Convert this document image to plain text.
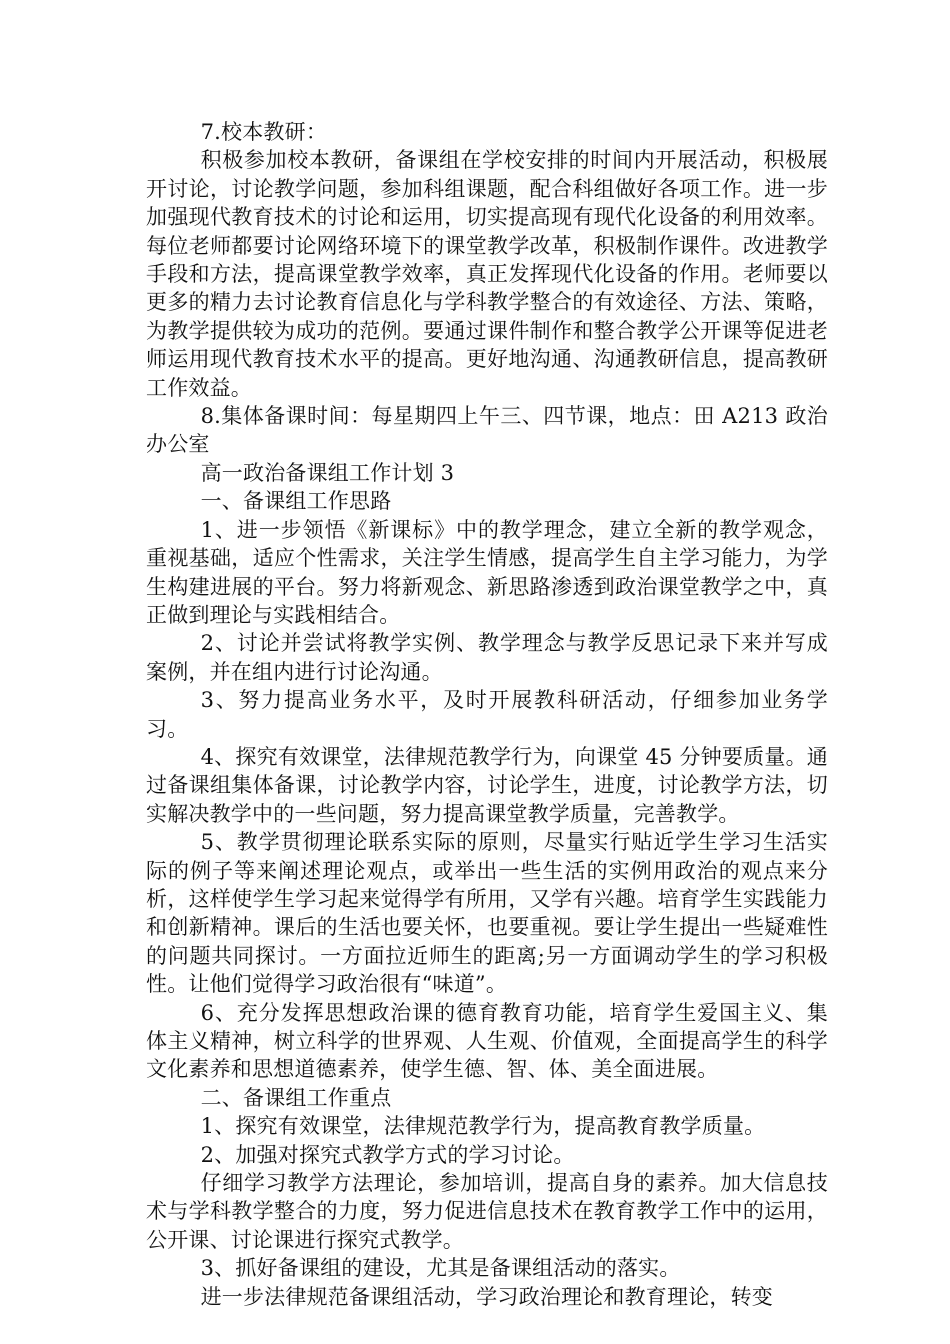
7.校本教研：

积极参加校本教研，备课组在学校安排的时间内开展活动，积极展开讨论，讨论教学问题，参加科组课题，配合科组做好各项工作。进一步加强现代教育技术的讨论和运用，切实提高现有现代化设备的利用效率。每位老师都要讨论网络环境下的课堂教学改革，积极制作课件。改进教学手段和方法，提高课堂教学效率，真正发挥现代化设备的作用。老师要以更多的精力去讨论教育信息化与学科教学整合的有效途径、方法、策略，为教学提供较为成功的范例。要通过课件制作和整合教学公开课等促进老师运用现代教育技术水平的提高。更好地沟通、沟通教研信息，提高教研工作效益。

8.集体备课时间：每星期四上午三、四节课，地点：田 A213 政治办公室

高一政治备课组工作计划 3

一、备课组工作思路

1、进一步领悟《新课标》中的教学理念，建立全新的教学观念，重视基础，适应个性需求，关注学生情感，提高学生自主学习能力，为学生构建进展的平台。努力将新观念、新思路渗透到政治课堂教学之中，真正做到理论与实践相结合。

2、讨论并尝试将教学实例、教学理念与教学反思记录下来并写成案例，并在组内进行讨论沟通。

3、努力提高业务水平，及时开展教科研活动，仔细参加业务学习。

4、探究有效课堂，法律规范教学行为，向课堂 45 分钟要质量。通过备课组集体备课，讨论教学内容，讨论学生，进度，讨论教学方法，切实解决教学中的一些问题，努力提高课堂教学质量，完善教学。

5、教学贯彻理论联系实际的原则，尽量实行贴近学生学习生活实际的例子等来阐述理论观点，或举出一些生活的实例用政治的观点来分析，这样使学生学习起来觉得学有所用，又学有兴趣。培育学生实践能力和创新精神。课后的生活也要关怀，也要重视。要让学生提出一些疑难性的问题共同探讨。一方面拉近师生的距离;另一方面调动学生的学习积极性。让他们觉得学习政治很有“味道”。

6、充分发挥思想政治课的德育教育功能，培育学生爱国主义、集体主义精神，树立科学的世界观、人生观、价值观，全面提高学生的科学文化素养和思想道德素养，使学生德、智、体、美全面进展。

二、备课组工作重点

1、探究有效课堂，法律规范教学行为，提高教育教学质量。

2、加强对探究式教学方式的学习讨论。

仔细学习教学方法理论，参加培训，提高自身的素养。加大信息技术与学科教学整合的力度，努力促进信息技术在教育教学工作中的运用，公开课、讨论课进行探究式教学。

3、抓好备课组的建设，尤其是备课组活动的落实。

进一步法律规范备课组活动，学习政治理论和教育理论，转变
